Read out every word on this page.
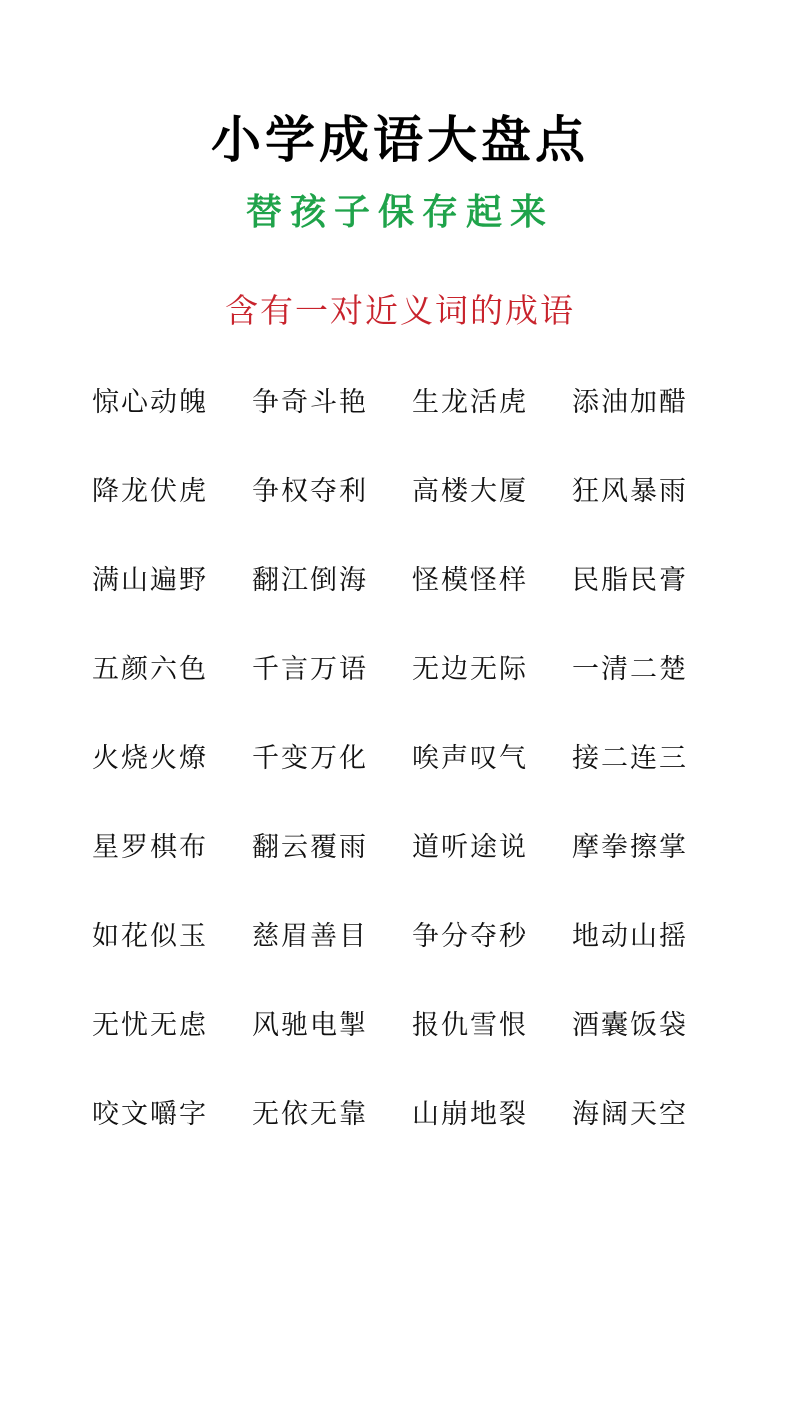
小学成语大盘点
替孩子保存起来
含有一对近义词的成语
惊心动魄	争奇斗艳	生龙活虎	添油加醋
降龙伏虎	争权夺利	高楼大厦	狂风暴雨
满山遍野	翻江倒海	怪模怪样	民脂民膏
五颜六色	千言万语	无边无际	一清二楚
火烧火燎	千变万化	唉声叹气	接二连三
星罗棋布	翻云覆雨	道听途说	摩拳擦掌
如花似玉	慈眉善目	争分夺秒	地动山摇
无忧无虑	风驰电掣	报仇雪恨	酒囊饭袋
咬文嚼字	无依无靠	山崩地裂	海阔天空
